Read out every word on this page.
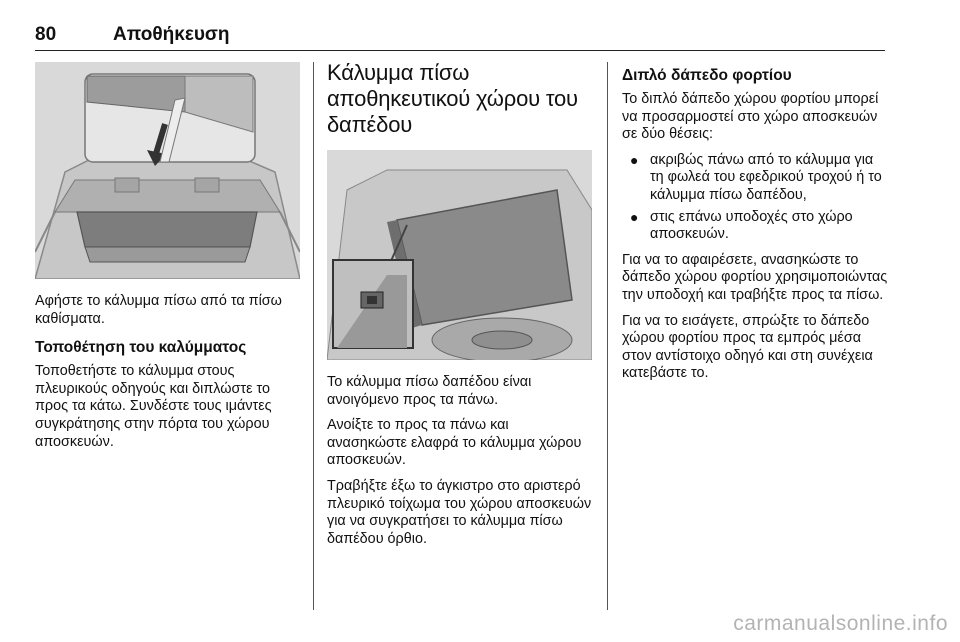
80	Αποθήκευση

Αφήστε το κάλυμμα πίσω από τα πίσω καθίσματα.

Τοποθέτηση του καλύμματος

Τοποθετήστε το κάλυμμα στους πλευρικούς οδηγούς και διπλώστε το προς τα κάτω. Συνδέστε τους ιμάντες συγκράτησης στην πόρτα του χώρου αποσκευών.

Κάλυμμα πίσω αποθηκευτικού χώρου του δαπέδου

Το κάλυμμα πίσω δαπέδου είναι ανοιγόμενο προς τα πάνω.

Ανοίξτε το προς τα πάνω και ανασηκώστε ελαφρά το κάλυμμα χώρου αποσκευών.

Τραβήξτε έξω το άγκιστρο στο αριστερό πλευρικό τοίχωμα του χώρου αποσκευών για να συγκρατήσει το κάλυμμα πίσω δαπέδου όρθιο.

Διπλό δάπεδο φορτίου

Το διπλό δάπεδο χώρου φορτίου μπορεί να προσαρμοστεί στο χώρο αποσκευών σε δύο θέσεις:

● ακριβώς πάνω από το κάλυμμα για τη φωλεά του εφεδρικού τροχού ή το κάλυμμα πίσω δαπέδου,
● στις επάνω υποδοχές στο χώρο αποσκευών.

Για να το αφαιρέσετε, ανασηκώστε το δάπεδο χώρου φορτίου χρησιμοποιώντας την υποδοχή και τραβήξτε προς τα πίσω.

Για να το εισάγετε, σπρώξτε το δάπεδο χώρου φορτίου προς τα εμπρός μέσα στον αντίστοιχο οδηγό και στη συνέχεια κατεβάστε το.

carmanualsonline.info
